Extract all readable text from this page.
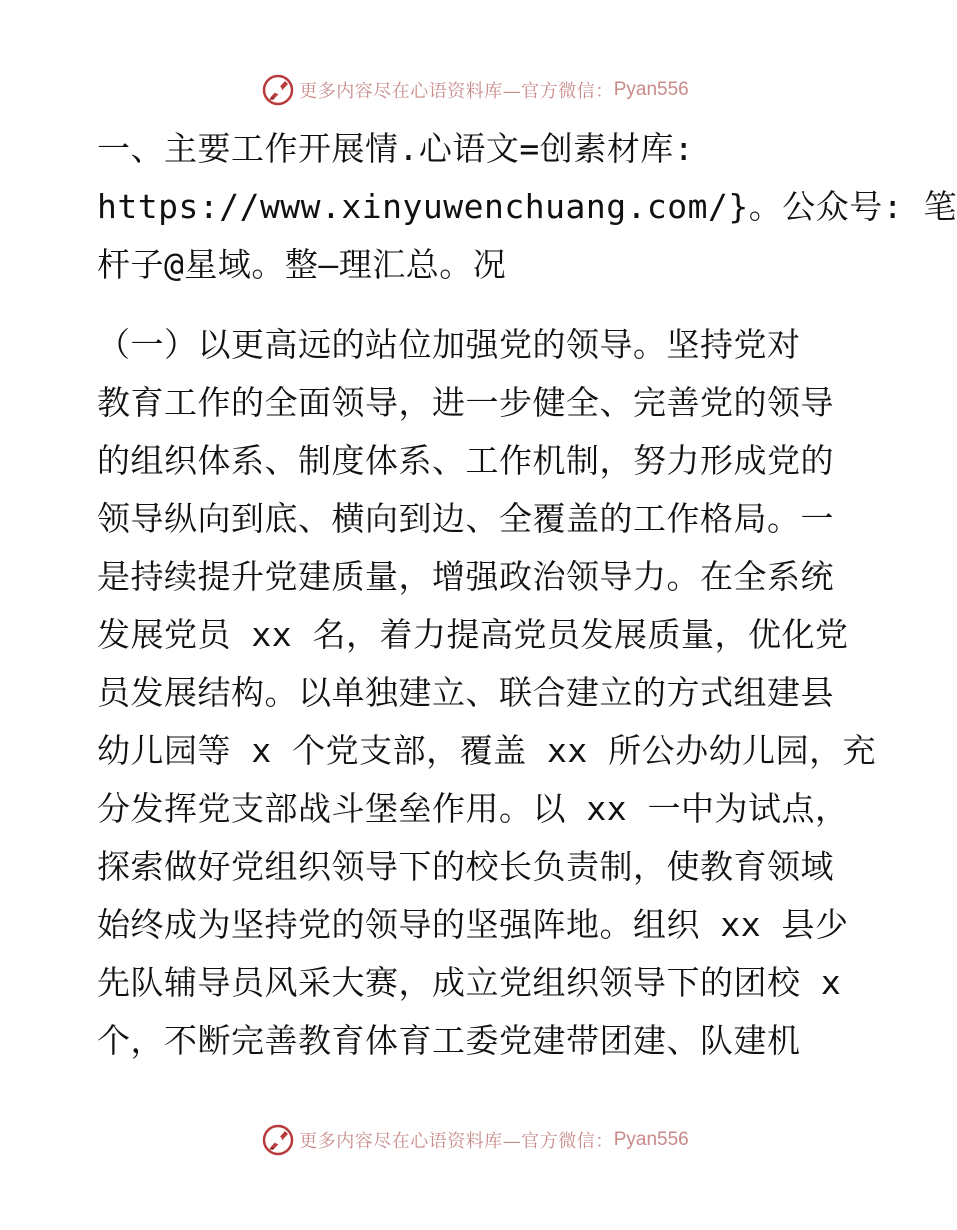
更多内容尽在心语资料库—官方微信： Pyan556
一、主要工作开展情.心语文=创素材库:
https://www.xinyuwenchuang.com/}。公众号: 笔
杆子@星域。整—理汇总。况
（一）以更高远的站位加强党的领导。坚持党对
教育工作的全面领导，进一步健全、完善党的领导
的组织体系、制度体系、工作机制，努力形成党的
领导纵向到底、横向到边、全覆盖的工作格局。一
是持续提升党建质量，增强政治领导力。在全系统
发展党员 xx 名，着力提高党员发展质量，优化党
员发展结构。以单独建立、联合建立的方式组建县
幼儿园等 x 个党支部，覆盖 xx 所公办幼儿园，充
分发挥党支部战斗堡垒作用。以 xx 一中为试点，
探索做好党组织领导下的校长负责制，使教育领域
始终成为坚持党的领导的坚强阵地。组织 xx 县少
先队辅导员风采大赛，成立党组织领导下的团校 x
个，不断完善教育体育工委党建带团建、队建机
更多内容尽在心语资料库—官方微信： Pyan556
